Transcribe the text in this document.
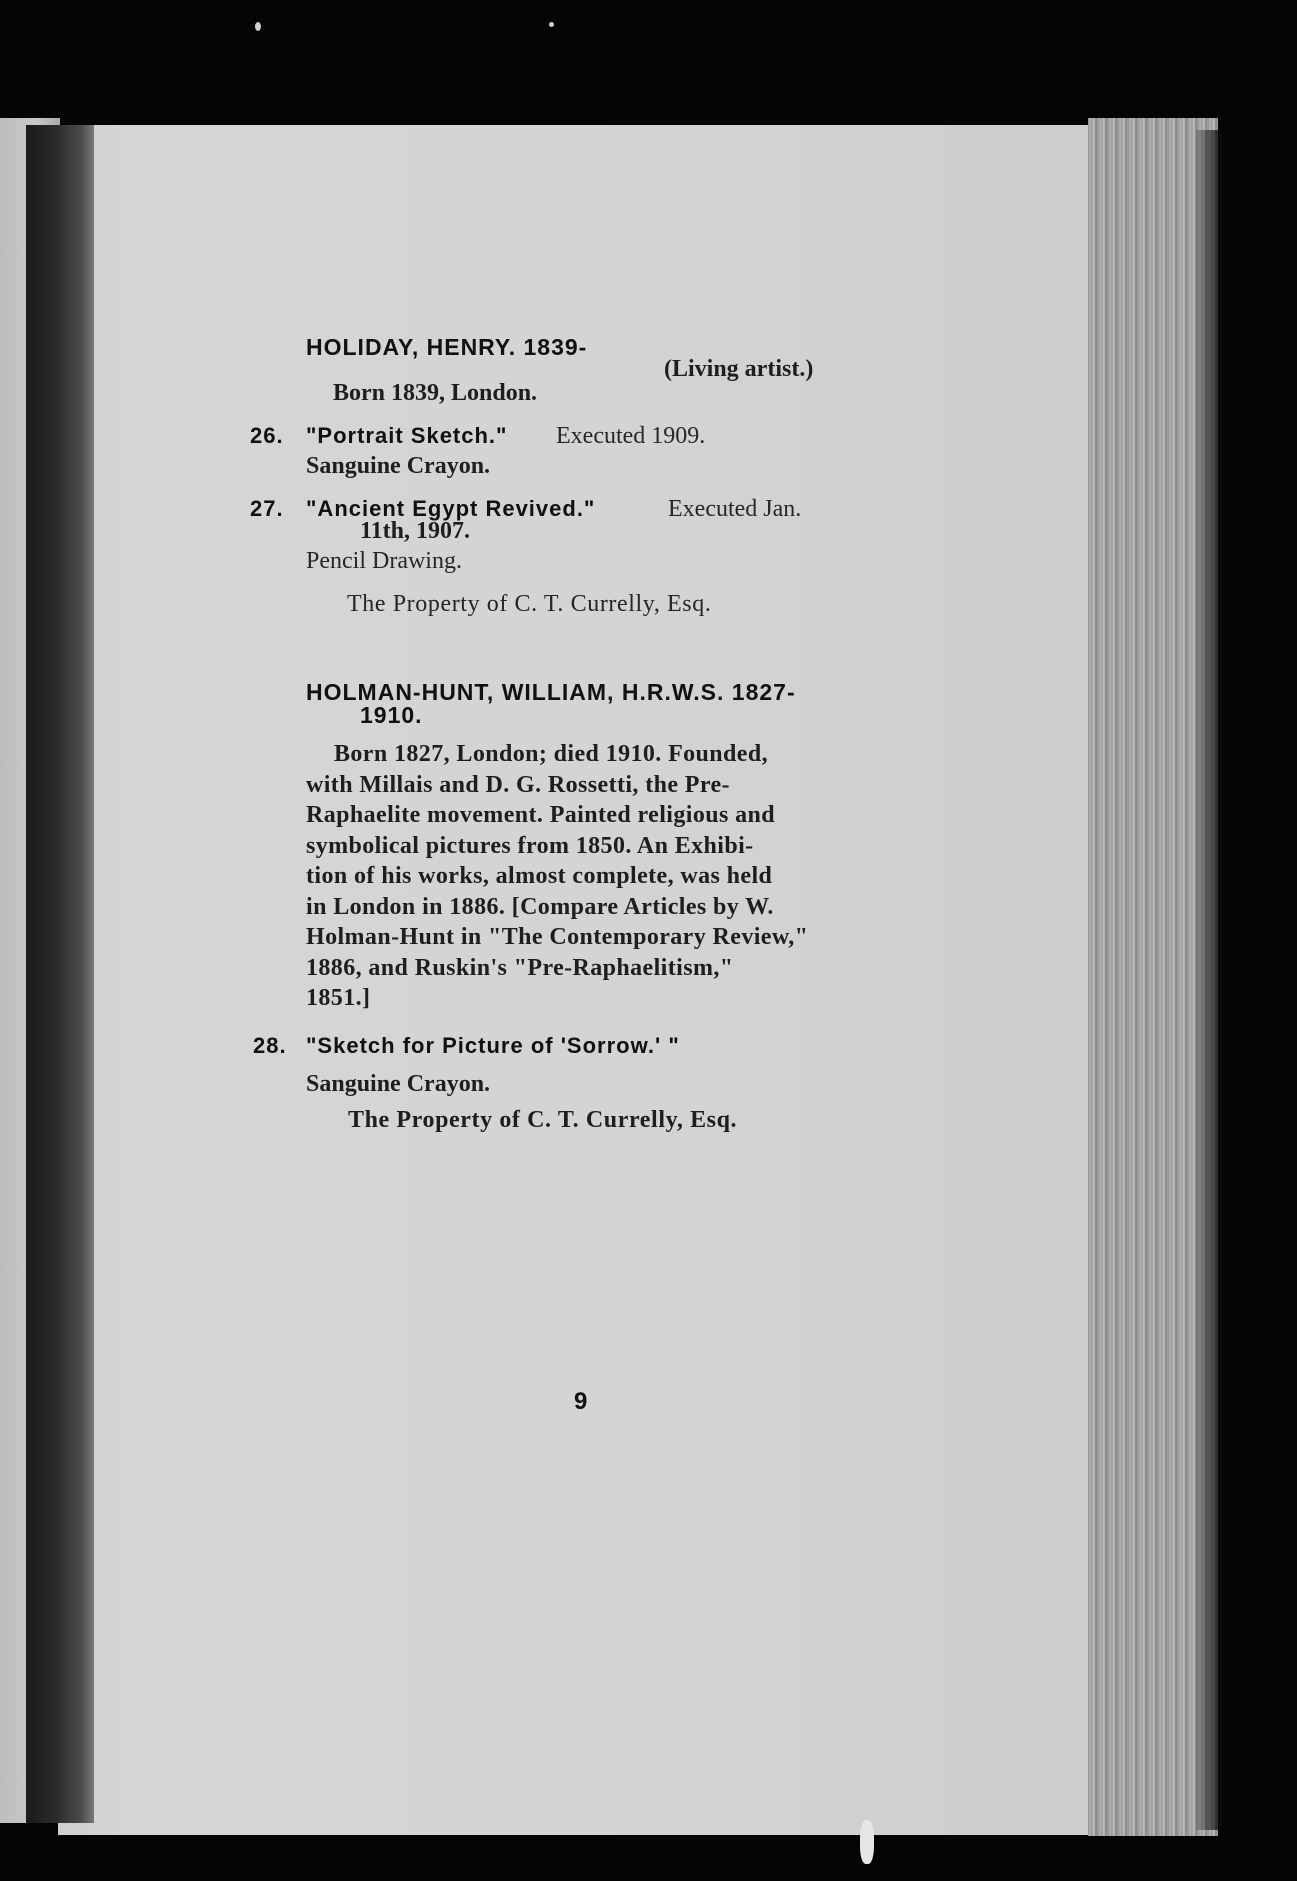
HOLIDAY, HENRY. 1839-
(Living artist.)
Born 1839, London.
26. "Portrait Sketch." Executed 1909.
Sanguine Crayon.
27. "Ancient Egypt Revived."	Executed Jan.
11th, 1907.
Pencil Drawing.
The Property of C. T. Currelly, Esq.
HOLMAN-HUNT, WILLIAM, H.R.W.S. 1827-
1910.
Born 1827, London; died 1910. Founded,
with Millais and D. G. Rossetti, the Pre-
Raphaelite movement. Painted religious and
symbolical pictures from 1850. An Exhibi-
tion of his works, almost complete, was held
in London in 1886. [Compare Articles by W.
Holman-Hunt in "The Contemporary Review,"
1886, and Ruskin's "Pre-Raphaelitism,"
1851.]
28. "Sketch for Picture of 'Sorrow.' "
Sanguine Crayon.
The Property of C. T. Currelly, Esq.
9
